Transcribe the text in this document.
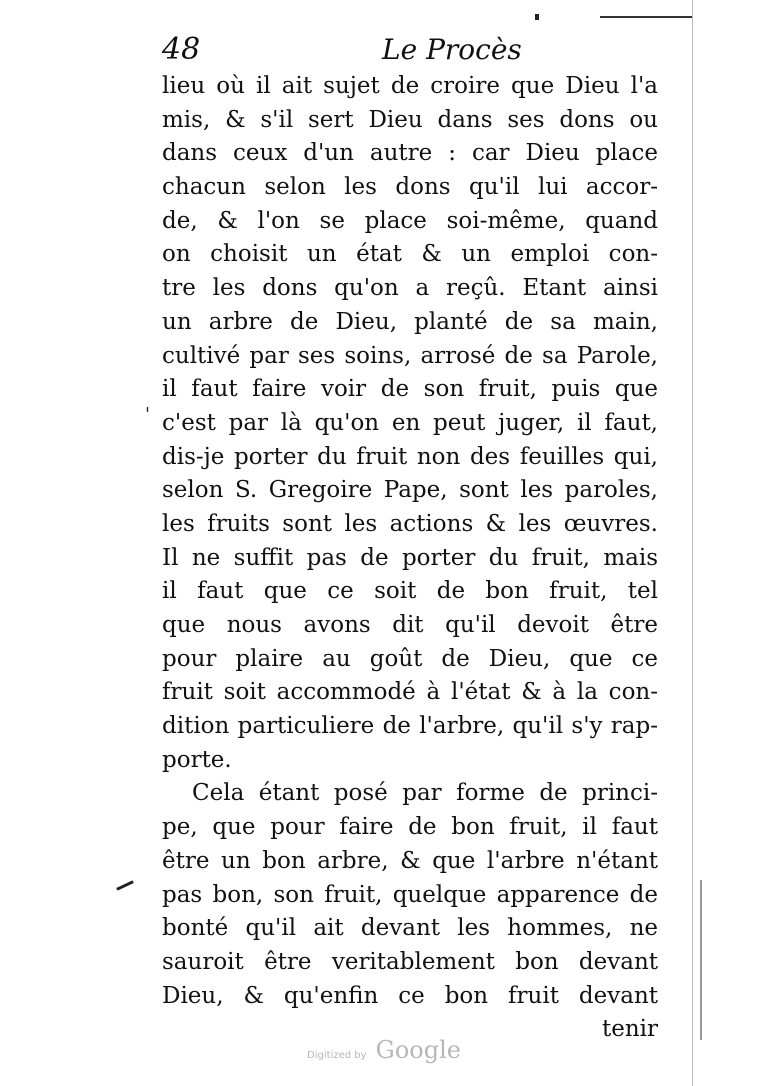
48	Le Procès
lieu où il ait sujet de croire que Dieu l'a
mis, & s'il sert Dieu dans ses dons ou
dans ceux d'un autre : car Dieu place
chacun selon les dons qu'il lui accor-
de, & l'on se place soi-même, quand
on choisit un état & un emploi con-
tre les dons qu'on a reçû. Etant ainsi
un arbre de Dieu, planté de sa main,
cultivé par ses soins, arrosé de sa Parole,
il faut faire voir de son fruit, puis que
c'est par là qu'on en peut juger, il faut,
dis-je porter du fruit non des feuilles qui,
selon S. Gregoire Pape, sont les paroles,
les fruits sont les actions & les œuvres.
Il ne suffit pas de porter du fruit, mais
il faut que ce soit de bon fruit, tel
que nous avons dit qu'il devoit être
pour plaire au goût de Dieu, que ce
fruit soit accommodé à l'état & à la con-
dition particuliere de l'arbre, qu'il s'y rap-
porte.
Cela étant posé par forme de princi-
pe, que pour faire de bon fruit, il faut
être un bon arbre, & que l'arbre n'étant
pas bon, son fruit, quelque apparence de
bonté qu'il ait devant les hommes, ne
sauroit être veritablement bon devant
Dieu, & qu'enfin ce bon fruit devant
tenir
'
Digitized by Google
